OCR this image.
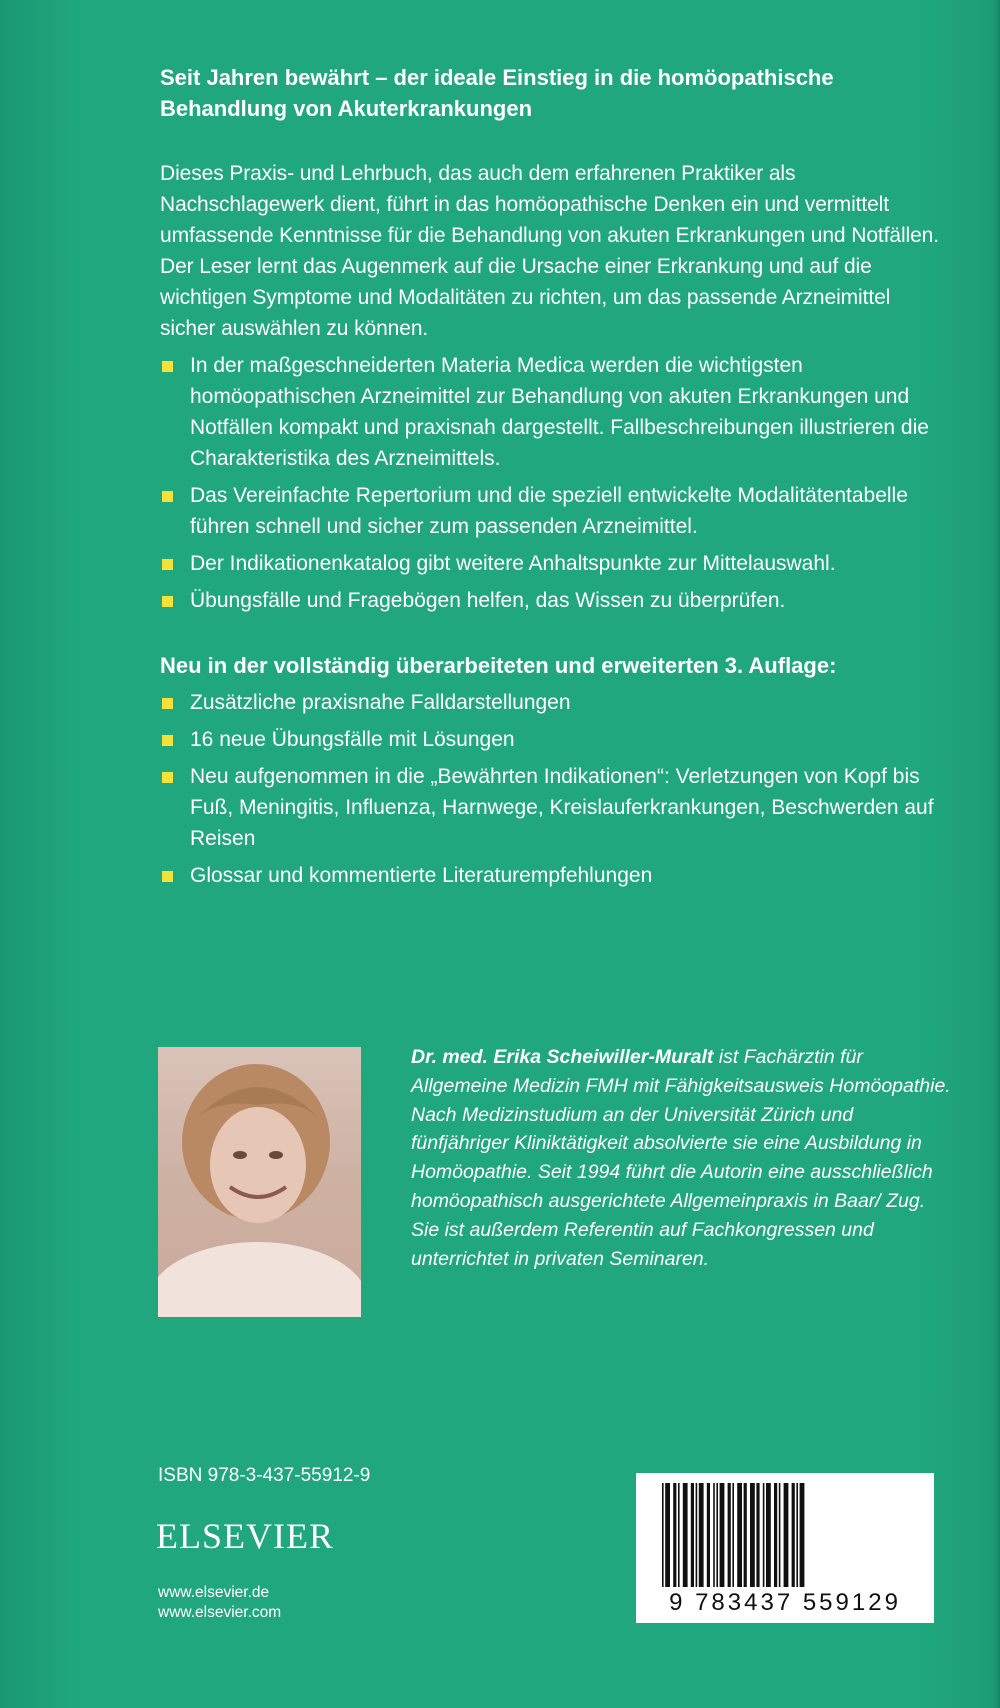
Seit Jahren bewährt – der ideale Einstieg in die homöopathische Behandlung von Akuterkrankungen

Dieses Praxis- und Lehrbuch, das auch dem erfahrenen Praktiker als Nachschlagewerk dient, führt in das homöopathische Denken ein und vermittelt umfassende Kenntnisse für die Behandlung von akuten Erkrankungen und Notfällen.

Der Leser lernt das Augenmerk auf die Ursache einer Erkrankung und auf die wichtigen Symptome und Modalitäten zu richten, um das passende Arzneimittel sicher auswählen zu können.

In der maßgeschneiderten Materia Medica werden die wichtigsten homöopathischen Arzneimittel zur Behandlung von akuten Erkrankungen und Notfällen kompakt und praxisnah dargestellt. Fallbeschreibungen illustrieren die Charakteristika des Arzneimittels.
Das Vereinfachte Repertorium und die speziell entwickelte Modalitätentabelle führen schnell und sicher zum passenden Arzneimittel.
Der Indikationenkatalog gibt weitere Anhaltspunkte zur Mittelauswahl.
Übungsfälle und Fragebögen helfen, das Wissen zu überprüfen.

Neu in der vollständig überarbeiteten und erweiterten 3. Auflage:

Zusätzliche praxisnahe Falldarstellungen
16 neue Übungsfälle mit Lösungen
Neu aufgenommen in die „Bewährten Indikationen“: Verletzungen von Kopf bis Fuß, Meningitis, Influenza, Harnwege, Kreislauferkrankungen, Beschwerden auf Reisen
Glossar und kommentierte Literaturempfehlungen
Dr. med. Erika Scheiwiller-Muralt ist Fachärztin für Allgemeine Medizin FMH mit Fähigkeitsausweis Homöopathie. Nach Medizinstudium an der Universität Zürich und fünfjähriger Kliniktätigkeit absolvierte sie eine Ausbildung in Homöopathie. Seit 1994 führt die Autorin eine ausschließlich homöopathisch ausgerichtete Allgemeinpraxis in Baar/ Zug. Sie ist außerdem Referentin auf Fachkongressen und unterrichtet in privaten Seminaren.
ISBN 978-3-437-55912-9
ELSEVIER
www.elsevier.de
www.elsevier.com	9 783437 559129
